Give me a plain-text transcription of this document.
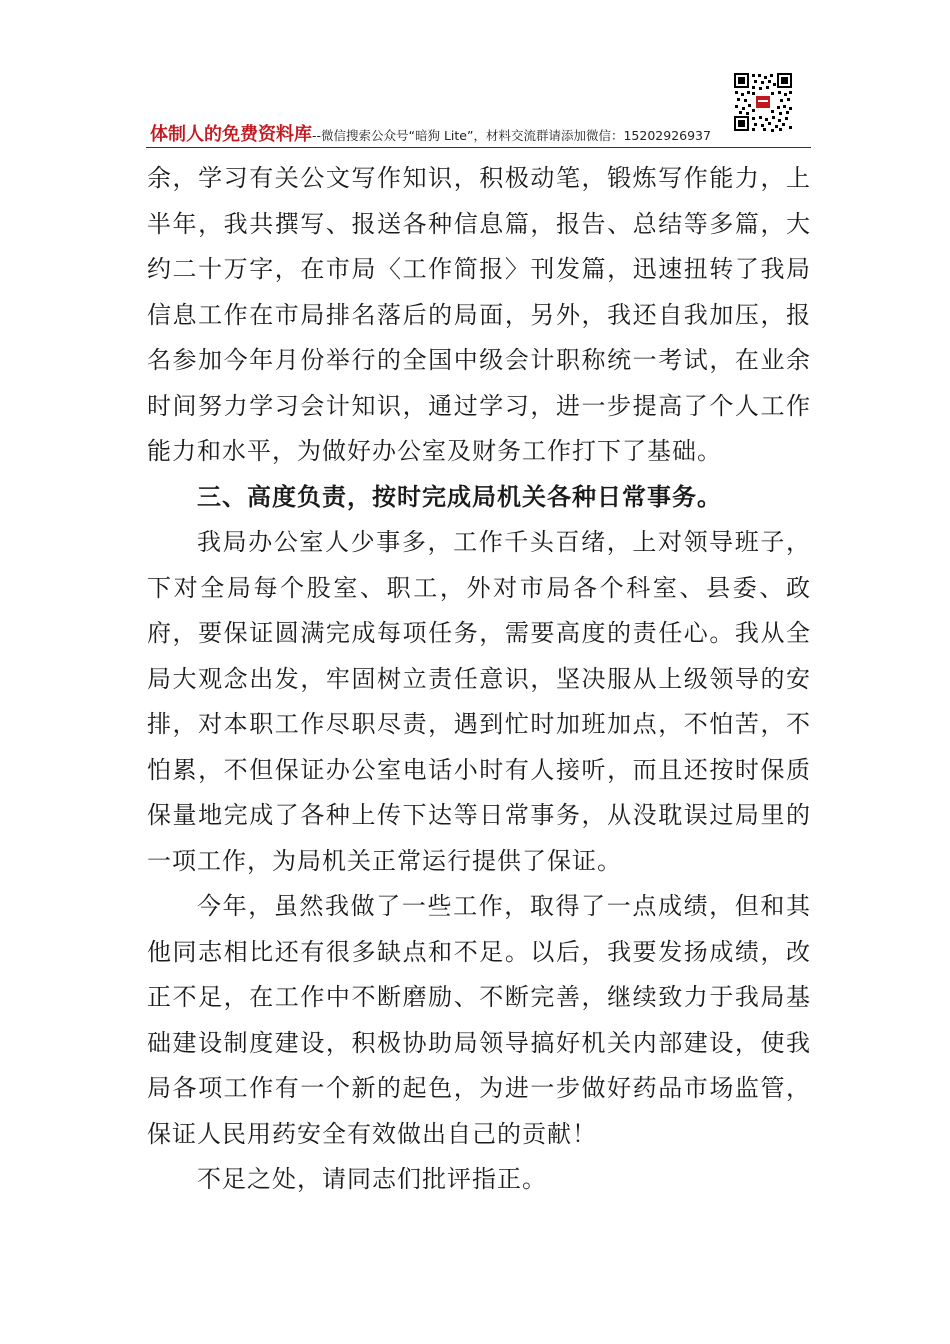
体制人的免费资料库--微信搜索公众号“暗狗 Lite”，材料交流群请添加微信：15202926937

余，学习有关公文写作知识，积极动笔，锻炼写作能力，上半年，我共撰写、报送各种信息篇，报告、总结等多篇，大约二十万字，在市局〈工作简报〉刊发篇，迅速扭转了我局信息工作在市局排名落后的局面，另外，我还自我加压，报名参加今年月份举行的全国中级会计职称统一考试，在业余时间努力学习会计知识，通过学习，进一步提高了个人工作能力和水平，为做好办公室及财务工作打下了基础。

三、高度负责，按时完成局机关各种日常事务。

我局办公室人少事多，工作千头百绪，上对领导班子，下对全局每个股室、职工，外对市局各个科室、县委、政府，要保证圆满完成每项任务，需要高度的责任心。我从全局大观念出发，牢固树立责任意识，坚决服从上级领导的安排，对本职工作尽职尽责，遇到忙时加班加点，不怕苦，不怕累，不但保证办公室电话小时有人接听，而且还按时保质保量地完成了各种上传下达等日常事务，从没耽误过局里的一项工作，为局机关正常运行提供了保证。

今年，虽然我做了一些工作，取得了一点成绩，但和其他同志相比还有很多缺点和不足。以后，我要发扬成绩，改正不足，在工作中不断磨励、不断完善，继续致力于我局基础建设制度建设，积极协助局领导搞好机关内部建设，使我局各项工作有一个新的起色，为进一步做好药品市场监管，保证人民用药安全有效做出自己的贡献！

不足之处，请同志们批评指正。
